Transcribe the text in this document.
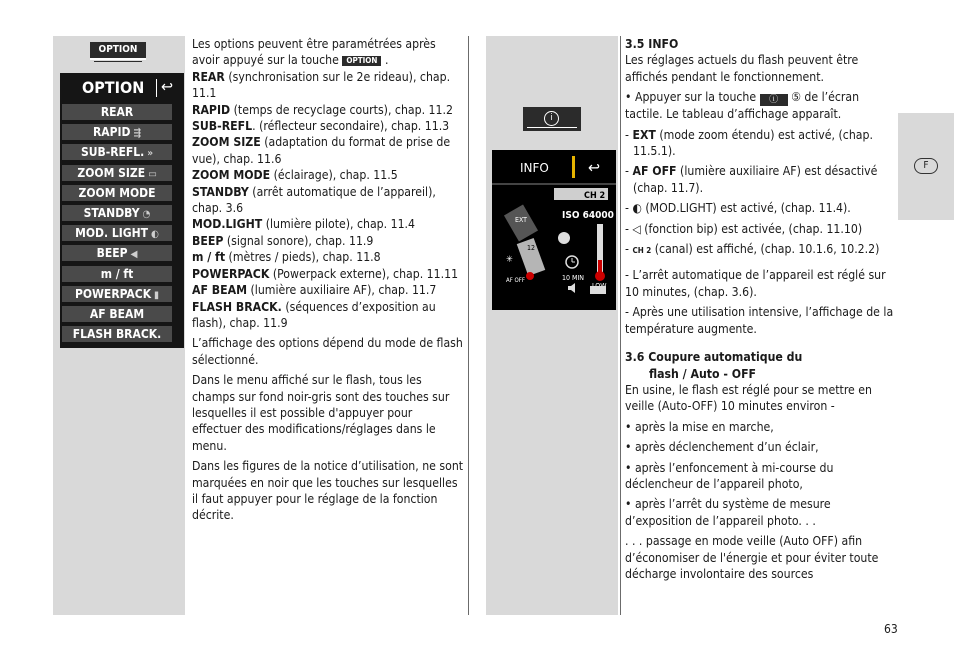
OPTION
OPTION ↩
REAR
RAPID ⇶
SUB-REFL. »
ZOOM SIZE ▭
ZOOM MODE
STANDBY ◔
MOD. LIGHT ◐
BEEP ◀
m / ft
POWERPACK ▮
AF BEAM
FLASH BRACK.

Les options peuvent être paramétrées après avoir appuyé sur la touche OPTION .

REAR (synchronisation sur le 2e rideau), chap. 11.1

RAPID (temps de recyclage courts), chap. 11.2

SUB-REFL. (réflecteur secondaire), chap. 11.3

ZOOM SIZE (adaptation du format de prise de vue), chap. 11.6

ZOOM MODE (éclairage), chap. 11.5

STANDBY (arrêt automatique de l’appareil), chap. 3.6

MOD.LIGHT (lumière pilote), chap. 11.4

BEEP (signal sonore), chap. 11.9

m / ft (mètres / pieds), chap. 11.8

POWERPACK (Powerpack externe), chap. 11.11

AF BEAM (lumière auxiliaire AF), chap. 11.7

FLASH BRACK. (séquences d’exposition au flash), chap. 11.9

L’affichage des options dépend du mode de flash sélectionné.

Dans le menu affiché sur le flash, tous les champs sur fond noir-gris sont des touches sur lesquelles il est possible d'appuyer pour effectuer des modifications/réglages dans le menu.

Dans les figures de la notice d’utilisation, ne sont marquées en noir que les touches sur lesquelles il faut appuyer pour le réglage de la fonction décrite.

i
INFO ↩
CH 2
ISO 64000
EXT
12
✳
AF OFF	10 MIN

3.5 INFO

Les réglages actuels du flash peuvent être affichés pendant le fonctionnement.

• Appuyer sur la touche ⓘ ⑤ de l’écran tactile. Le tableau d’affichage apparaît.

- EXT (mode zoom étendu) est activé, (chap. 11.5.1).

- AF OFF (lumière auxiliaire AF) est désactivé (chap. 11.7).

- ◐ (MOD.LIGHT) est activé, (chap. 11.4).

- ◁ (fonction bip) est activée, (chap. 11.10)

- CH 2 (canal) est affiché, (chap. 10.1.6, 10.2.2)

- L’arrêt automatique de l’appareil est réglé sur 10 minutes, (chap. 3.6).

- Après une utilisation intensive, l’affichage de la température augmente.

3.6 Coupure automatique du

flash / Auto - OFF

En usine, le flash est réglé pour se mettre en veille (Auto-OFF) 10 minutes environ -

• après la mise en marche,

• après déclenchement d’un éclair,

• après l’enfoncement à mi-course du déclencheur de l’appareil photo,

• après l’arrêt du système de mesure d’exposition de l’appareil photo. . .

. . . passage en mode veille (Auto OFF) afin d’économiser de l'énergie et pour éviter toute décharge involontaire des sources

F
63
